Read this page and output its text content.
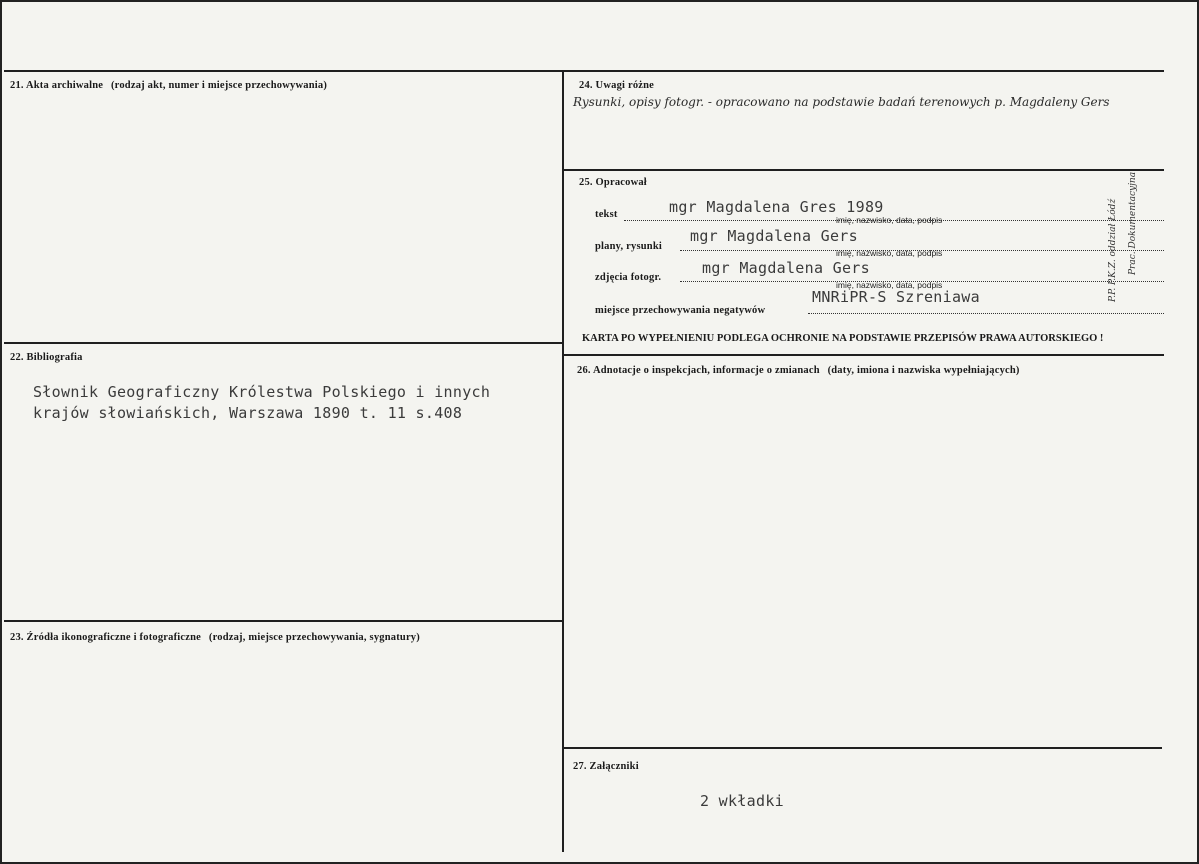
21. Akta archiwalne (rodzaj akt, numer i miejsce przechowywania)
22. Bibliografia
Słownik Geograficzny Królestwa Polskiego i innych
krajów słowiańskich, Warszawa 1890 t. 11 s.408
23. Źródła ikonograficzne i fotograficzne (rodzaj, miejsce przechowywania, sygnatury)
24. Uwagi różne
Rysunki, opisy fotogr. - opracowano na podstawie badań terenowych p. Magdaleny Gers
25. Opracował
tekst	mgr Magdalena Gres 1989
imię, nazwisko, data, podpis
plany, rysunki
mgr Magdalena Gers
imię, nazwisko, data, podpis
zdjęcia fotogr.
mgr Magdalena Gers
imię, nazwisko, data, podpis
miejsce przechowywania negatywów
MNRiPR-S Szreniawa	P.P. P.K.Z. oddział Łódź Prac. Dokumentacyjna
KARTA PO WYPEŁNIENIU PODLEGA OCHRONIE NA PODSTAWIE PRZEPISÓW PRAWA AUTORSKIEGO !
26. Adnotacje o inspekcjach, informacje o zmianach (daty, imiona i nazwiska wypełniających)
27. Załączniki
2 wkładki
